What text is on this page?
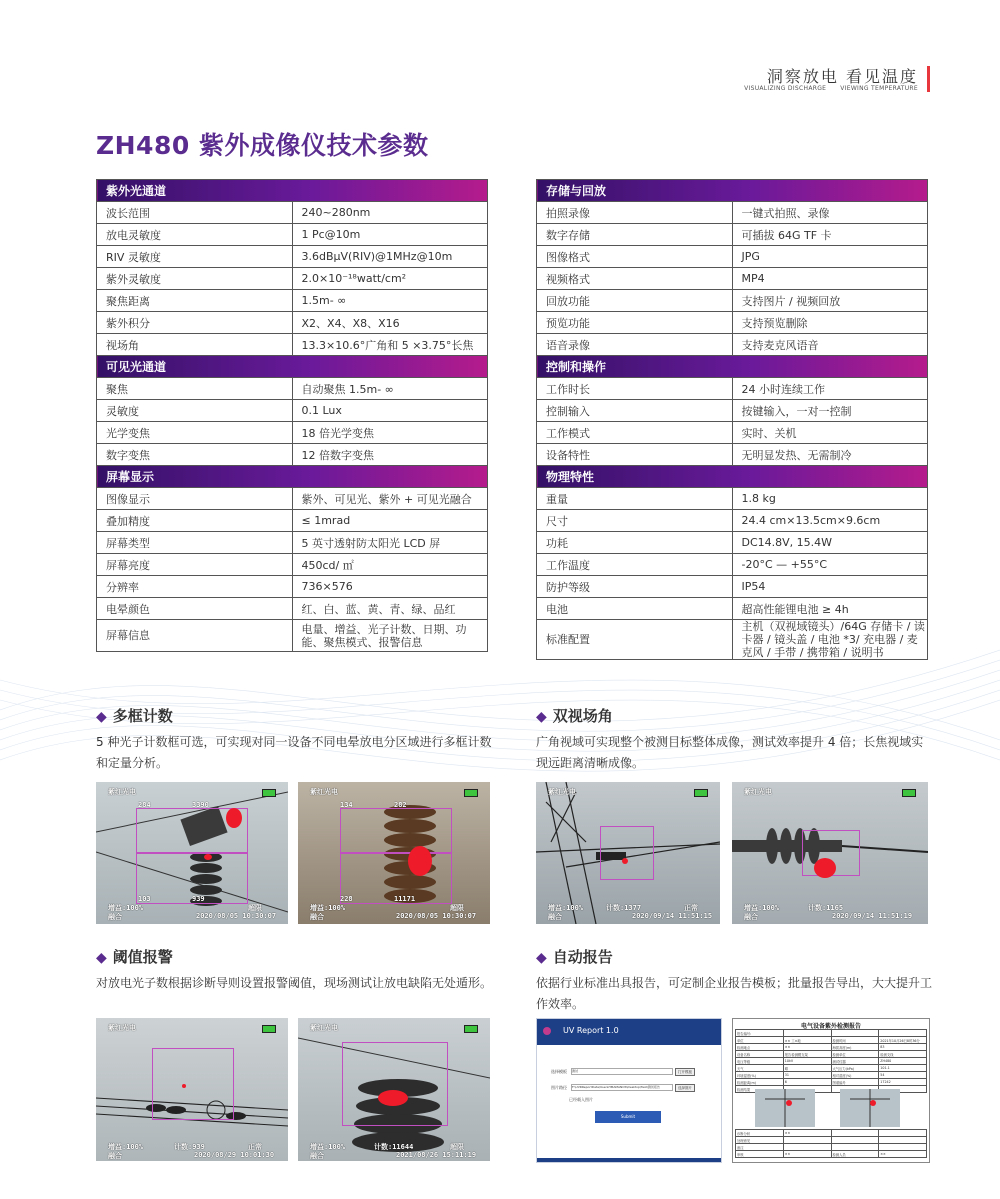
洞察放电 看见温度
VISUALIZING DISCHARGE VIEWING TEMPERATURE
ZH480 紫外成像仪技术参数
紫外光通道	
波长范围	240~280nm
放电灵敏度	1 Pc@10m
RIV 灵敏度	3.6dBμV(RIV)@1MHz@10m
紫外灵敏度	2.0×10⁻¹⁸watt/cm²
聚焦距离	1.5m- ∞
紫外积分	X2、X4、X8、X16
视场角	13.3×10.6°广角和 5 ×3.75°长焦
可见光通道	
聚焦	自动聚焦 1.5m- ∞
灵敏度	0.1 Lux
光学变焦	18 倍光学变焦
数字变焦	12 倍数字变焦
屏幕显示	
图像显示	紫外、可见光、紫外 + 可见光融合
叠加精度	≤ 1mrad
屏幕类型	5 英寸透射防太阳光 LCD 屏
屏幕亮度	450cd/ ㎡
分辨率	736×576
电晕颜色	红、白、蓝、黄、青、绿、品红
屏幕信息	电量、增益、光子计数、日期、功能、聚焦模式、报警信息
存储与回放	
拍照录像	一键式拍照、录像
数字存储	可插拔 64G TF 卡
图像格式	JPG
视频格式	MP4
回放功能	支持图片 / 视频回放
预览功能	支持预览删除
语音录像	支持麦克风语音
控制和操作	
工作时长	24 小时连续工作
控制输入	按键输入，一对一控制
工作模式	实时、关机
设备特性	无明显发热、无需制冷
物理特性	
重量	1.8 kg
尺寸	24.4 cm×13.5cm×9.6cm
功耗	DC14.8V, 15.4W
工作温度	-20°C — +55°C
防护等级	IP54
电池	超高性能锂电池 ≥ 4h
标准配置	主机（双视域镜头）/64G 存储卡 / 读卡器 / 镜头盖 / 电池 *3/ 充电器 / 麦克风 / 手带 / 携带箱 / 说明书
◆ 多框计数
5 种光子计数框可选，可实现对同一设备不同电晕放电分区域进行多框计数和定量分析。
◆ 双视场角
广角视域可实现整个被测目标整体成像，测试效率提升 4 倍；长焦视域实现远距离清晰成像。
◆ 阈值报警
对放电光子数根据诊断导则设置报警阈值，现场测试让放电缺陷无处遁形。
◆ 自动报告
依据行业标准出具报告，可定制企业报告模板；批量报告导出，大大提升工作效率。
紫红光电
284	3390
103	939
增益:100%
融合
超限
2020/08/05 10:30:07
紫红光电
134	282
228	11171
增益:100%
融合
超限
2020/08/05 10:30:07
紫红光电
增益:100%
融合
计数:1377	正常
2020/09/14 11:51:15
紫红光电
增益:100%
融合
计数:1165
2020/09/14 11:51:19
紫红光电
增益:100%
融合
计数:939	正常
2020/08/29 10:01:30
紫红光电
增益:100%
融合
计数:11644	超限
2021/08/26 15:11:19
UV Report 1.0
选择模板	测试	打开模板
图片路径	F:\UVRReportData\UserLHMAMANOS\Desktop\Test\测试报告	选择图片
已经载入图片
Submit
电气设备紫外检测报告
报告编号:			
单位	×× 工×地	检测时间	2021年10月26日8时36分
检测地点	××	海拔高度(m)	83
设备名称	报告检测模支架	检测单位	检测支线
电压等级	10kV	测试仪器	ZH480
天气	晴	大气压力(kPa)	101.1
环境湿度(%)	31	相对湿度(%)	54
检测距离(m)	6	图谱编号	17242
检测结果			
诊断分析	××		
处理意见			
备注			
审核	××	检测人员	××
